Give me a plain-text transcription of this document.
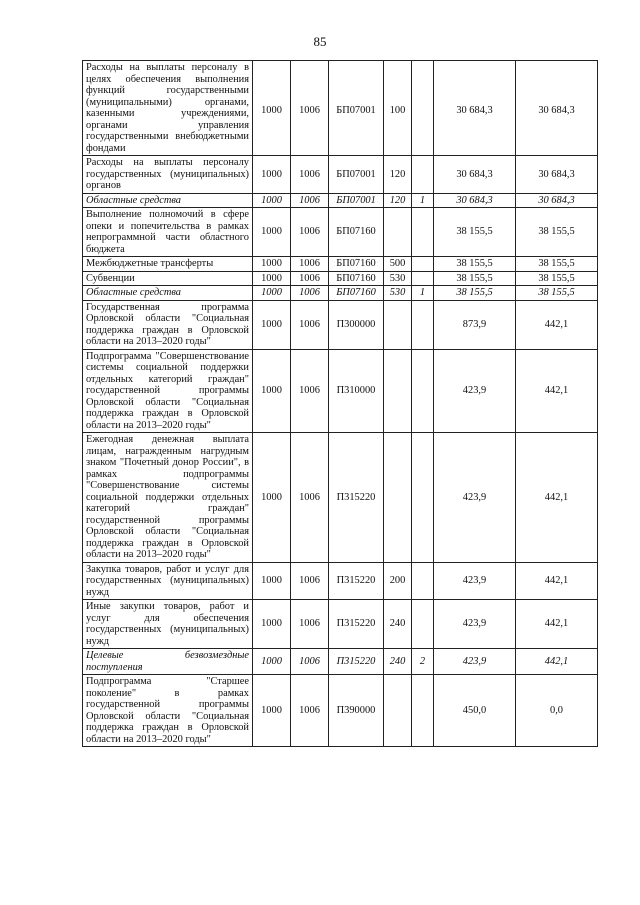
85
Расходы на выплаты персоналу в целях обеспечения выполнения функций государственными (муниципальными) органами, казенными учреждениями, органами управления государственными внебюджетными фондами	1000	1006	БП07001	100		30 684,3	30 684,3
Расходы на выплаты персоналу государственных (муниципальных) органов	1000	1006	БП07001	120		30 684,3	30 684,3
Областные средства	1000	1006	БП07001	120	1	30 684,3	30 684,3
Выполнение полномочий в сфере опеки и попечительства в рамках непрограммной части областного бюджета	1000	1006	БП07160			38 155,5	38 155,5
Межбюджетные трансферты	1000	1006	БП07160	500		38 155,5	38 155,5
Субвенции	1000	1006	БП07160	530		38 155,5	38 155,5
Областные средства	1000	1006	БП07160	530	1	38 155,5	38 155,5
Государственная программа Орловской области "Социальная поддержка граждан в Орловской области на 2013–2020 годы"	1000	1006	П300000			873,9	442,1
Подпрограмма "Совершенствование системы социальной поддержки отдельных категорий граждан" государственной программы Орловской области "Социальная поддержка граждан в Орловской области на 2013–2020 годы"	1000	1006	П310000			423,9	442,1
Ежегодная денежная выплата лицам, награжденным нагрудным знаком "Почетный донор России", в рамках подпрограммы "Совершенствование системы социальной поддержки отдельных категорий граждан" государственной программы Орловской области "Социальная поддержка граждан в Орловской области на 2013–2020 годы"	1000	1006	П315220			423,9	442,1
Закупка товаров, работ и услуг для государственных (муниципальных) нужд	1000	1006	П315220	200		423,9	442,1
Иные закупки товаров, работ и услуг для обеспечения государственных (муниципальных) нужд	1000	1006	П315220	240		423,9	442,1
Целевые безвозмездные поступления	1000	1006	П315220	240	2	423,9	442,1
Подпрограмма "Старшее поколение" в рамках государственной программы Орловской области "Социальная поддержка граждан в Орловской области на 2013–2020 годы"	1000	1006	П390000			450,0	0,0
